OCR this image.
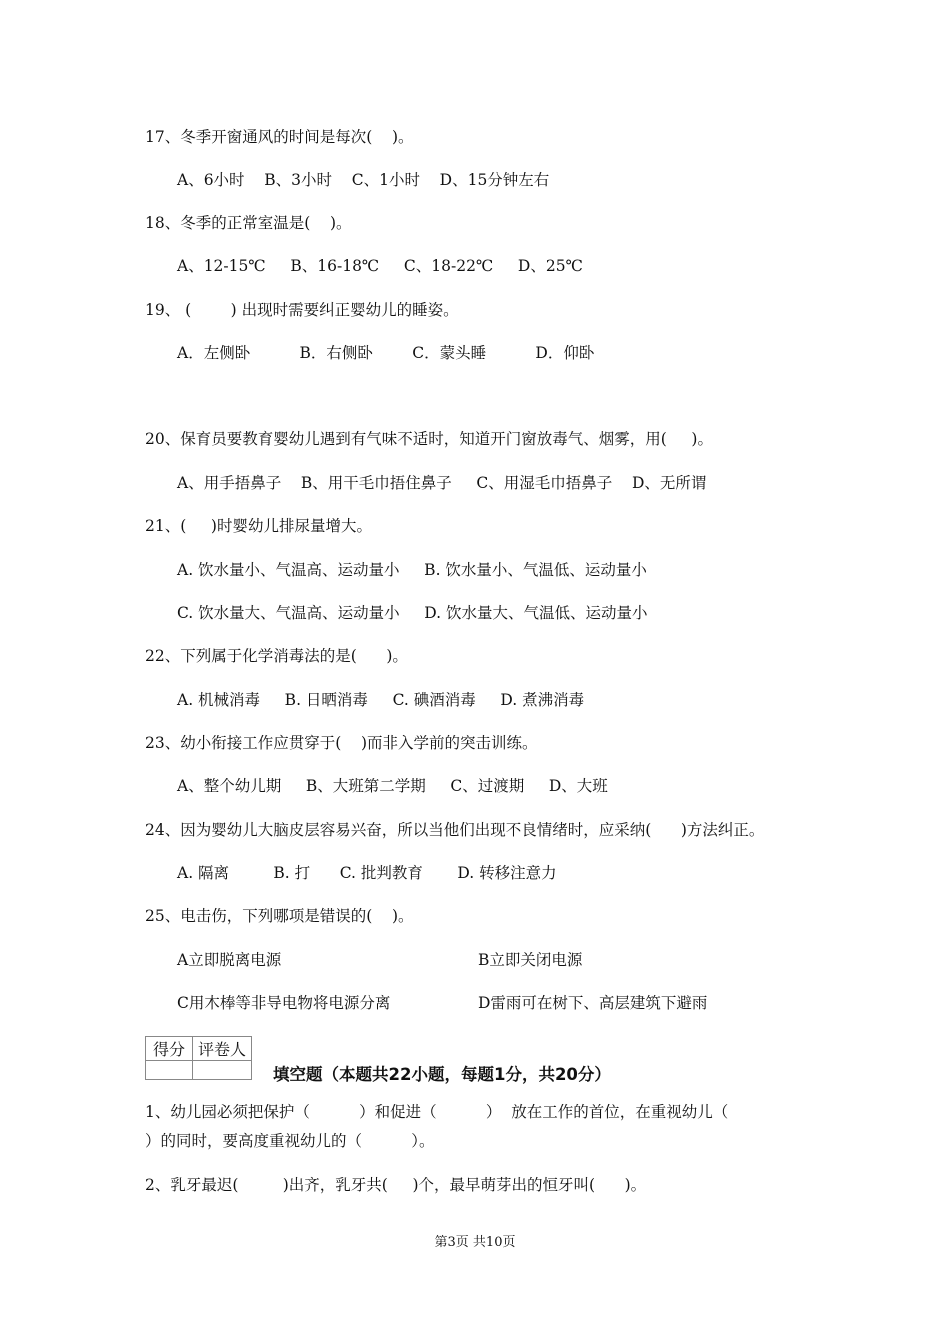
17、冬季开窗通风的时间是每次(    )。
A、6小时    B、3小时    C、1小时    D、15分钟左右
18、冬季的正常室温是(    )。
A、12-15℃     B、16-18℃     C、18-22℃     D、25℃
19、 (        ) 出现时需要纠正婴幼儿的睡姿。
A．左侧卧          B．右侧卧        C．蒙头睡          D．仰卧
20、保育员要教育婴幼儿遇到有气味不适时，知道开门窗放毒气、烟雾，用(     )。
A、用手捂鼻子    B、用干毛巾捂住鼻子     C、用湿毛巾捂鼻子    D、无所谓
21、(     )时婴幼儿排尿量增大。
A. 饮水量小、气温高、运动量小     B. 饮水量小、气温低、运动量小
C. 饮水量大、气温高、运动量小     D. 饮水量大、气温低、运动量小
22、下列属于化学消毒法的是(      )。
A. 机械消毒     B. 日晒消毒     C. 碘酒消毒     D. 煮沸消毒
23、幼小衔接工作应贯穿于(    )而非入学前的突击训练。
A、整个幼儿期     B、大班第二学期     C、过渡期     D、大班
24、因为婴幼儿大脑皮层容易兴奋，所以当他们出现不良情绪时，应采纳(      )方法纠正。
A. 隔离         B. 打      C. 批判教育       D. 转移注意力
25、电击伤，下列哪项是错误的(    )。
A立即脱离电源	B立即关闭电源
C用木棒等非导电物将电源分离	D雷雨可在树下、高层建筑下避雨
得分	评卷人

填空题（本题共22小题，每题1分，共20分）
1、幼儿园必须把保护（          ）和促进（          ）  放在工作的首位，在重视幼儿（
）的同时，要高度重视幼儿的（          ）。
2、乳牙最迟(         )出齐，乳牙共(     )个，最早萌芽出的恒牙叫(      )。
第3页 共10页
